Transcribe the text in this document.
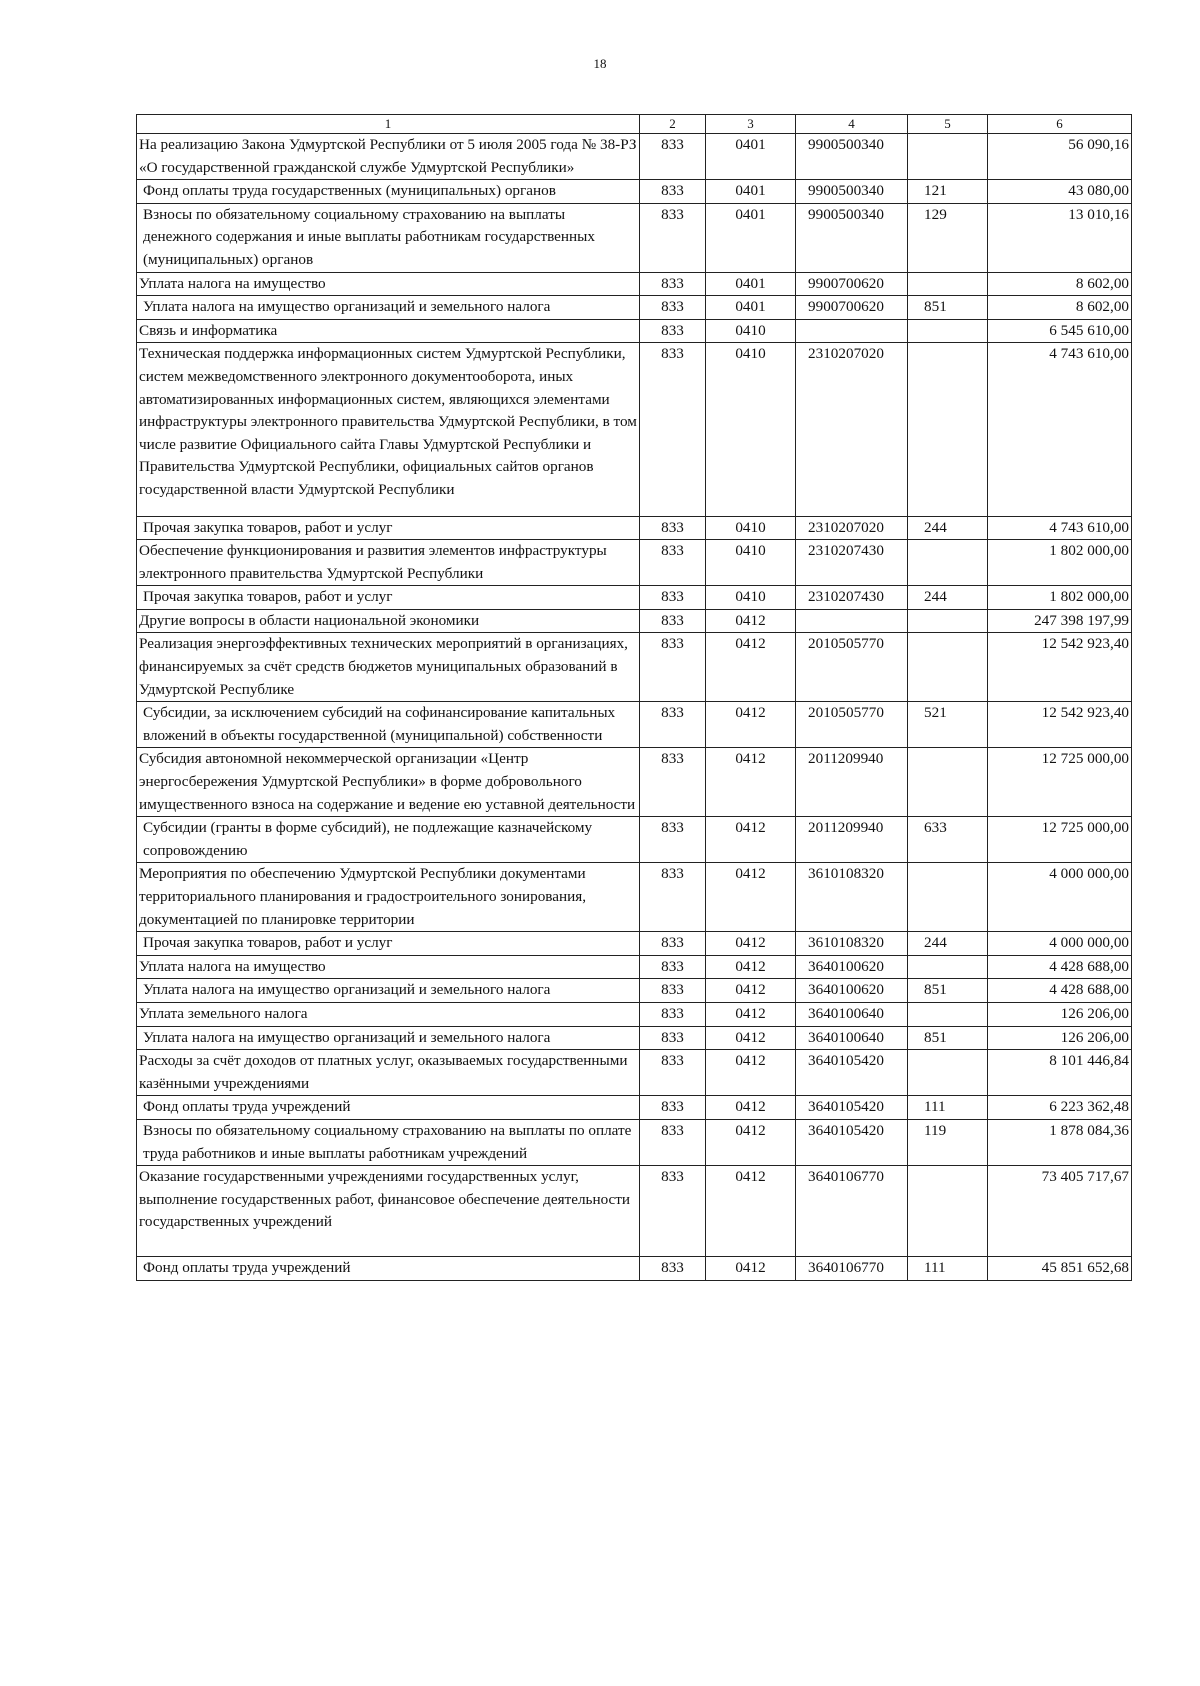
18
1	2	3	4	5	6
На реализацию Закона Удмуртской Республики от 5 июля 2005 года № 38-РЗ «О государственной гражданской службе Удмуртской Республики»	833	0401	9900500340		56 090,16
Фонд оплаты труда государственных (муниципальных) органов	833	0401	9900500340	121	43 080,00
Взносы по обязательному социальному страхованию на выплаты денежного содержания и иные выплаты работникам государственных (муниципальных) органов	833	0401	9900500340	129	13 010,16
Уплата налога на имущество	833	0401	9900700620		8 602,00
Уплата налога на имущество организаций и земельного налога	833	0401	9900700620	851	8 602,00
Связь и информатика	833	0410			6 545 610,00
Техническая поддержка информационных систем Удмуртской Республики, систем межведомственного электронного документооборота, иных автоматизированных информационных систем, являющихся элементами инфраструктуры электронного правительства Удмуртской Республики, в том числе развитие Официального сайта Главы Удмуртской Республики и Правительства Удмуртской Республики, официальных сайтов органов государственной власти Удмуртской Республики	833	0410	2310207020		4 743 610,00
Прочая закупка товаров, работ и услуг	833	0410	2310207020	244	4 743 610,00
Обеспечение функционирования и развития элементов инфраструктуры электронного правительства Удмуртской Республики	833	0410	2310207430		1 802 000,00
Прочая закупка товаров, работ и услуг	833	0410	2310207430	244	1 802 000,00
Другие вопросы в области национальной экономики	833	0412			247 398 197,99
Реализация энергоэффективных технических мероприятий в организациях, финансируемых за счёт средств бюджетов муниципальных образований в Удмуртской Республике	833	0412	2010505770		12 542 923,40
Субсидии, за исключением субсидий на софинансирование капитальных вложений в объекты государственной (муниципальной) собственности	833	0412	2010505770	521	12 542 923,40
Субсидия автономной некоммерческой организации «Центр энергосбережения Удмуртской Республики» в форме добровольного имущественного взноса на содержание и ведение ею уставной деятельности	833	0412	2011209940		12 725 000,00
Субсидии (гранты в форме субсидий), не подлежащие казначейскому сопровождению	833	0412	2011209940	633	12 725 000,00
Мероприятия по обеспечению Удмуртской Республики документами территориального планирования и градостроительного зонирования, документацией по планировке территории	833	0412	3610108320		4 000 000,00
Прочая закупка товаров, работ и услуг	833	0412	3610108320	244	4 000 000,00
Уплата налога на имущество	833	0412	3640100620		4 428 688,00
Уплата налога на имущество организаций и земельного налога	833	0412	3640100620	851	4 428 688,00
Уплата земельного налога	833	0412	3640100640		126 206,00
Уплата налога на имущество организаций и земельного налога	833	0412	3640100640	851	126 206,00
Расходы за счёт доходов от платных услуг, оказываемых государственными казёнными учреждениями	833	0412	3640105420		8 101 446,84
Фонд оплаты труда учреждений	833	0412	3640105420	111	6 223 362,48
Взносы по обязательному социальному страхованию на выплаты по оплате труда работников и иные выплаты работникам учреждений	833	0412	3640105420	119	1 878 084,36
Оказание государственными учреждениями государственных услуг, выполнение государственных работ, финансовое обеспечение деятельности государственных учреждений	833	0412	3640106770		73 405 717,67
Фонд оплаты труда учреждений	833	0412	3640106770	111	45 851 652,68
